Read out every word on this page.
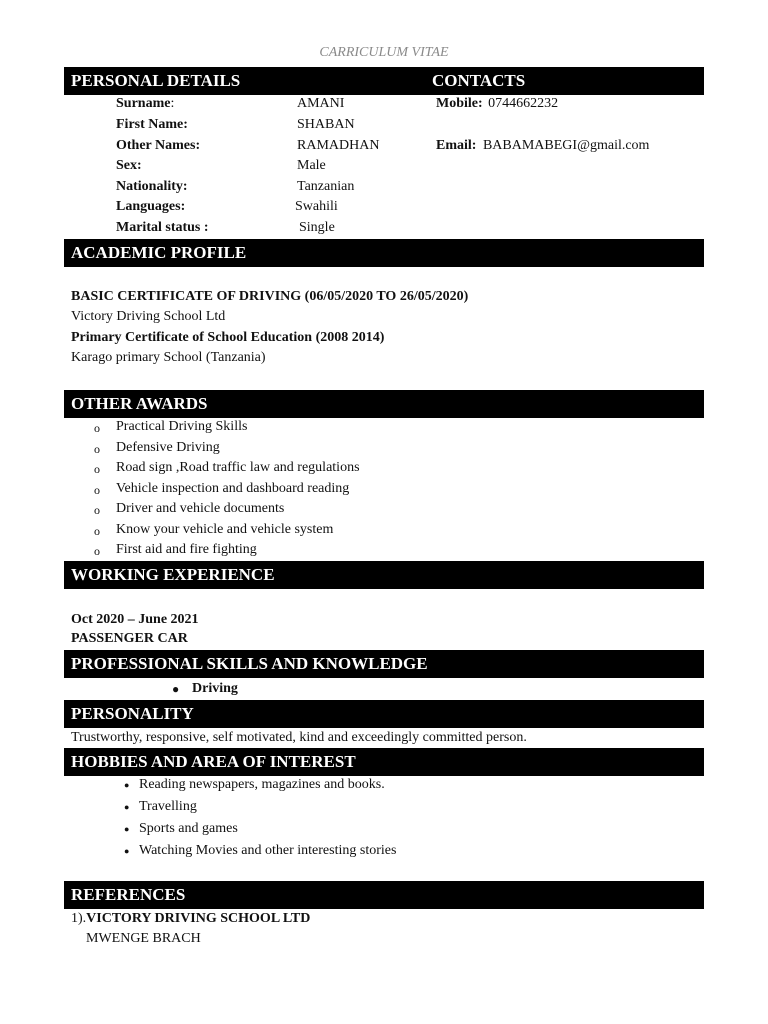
CARRICULUM VITAE
PERSONAL DETAILS	CONTACTS
Surname:	AMANI
First Name:	SHABAN
Other Names:	RAMADHAN
Sex:	Male
Nationality:	Tanzanian
Languages:	Swahili
Marital status :	Single
Mobile: 0744662232
Email: BABAMABEGI@gmail.com
ACADEMIC PROFILE
BASIC CERTIFICATE OF DRIVING (06/05/2020 TO 26/05/2020)
Victory Driving School Ltd
Primary Certificate of School Education (2008 2014)
Karago primary School (Tanzania)
OTHER AWARDS
o Practical Driving Skills
o Defensive Driving
o Road sign ,Road traffic law and regulations
o Vehicle inspection and dashboard reading
o Driver and vehicle documents
o Know your vehicle and vehicle system
o First aid and fire fighting
WORKING EXPERIENCE
Oct 2020 – June 2021
PASSENGER CAR
PROFESSIONAL SKILLS AND KNOWLEDGE
● Driving
PERSONALITY
Trustworthy, responsive, self motivated, kind and exceedingly committed person.
HOBBIES AND AREA OF INTEREST
● Reading newspapers, magazines and books.
● Travelling
● Sports and games
● Watching Movies and other interesting stories
REFERENCES
1).VICTORY DRIVING SCHOOL LTD
MWENGE BRACH
